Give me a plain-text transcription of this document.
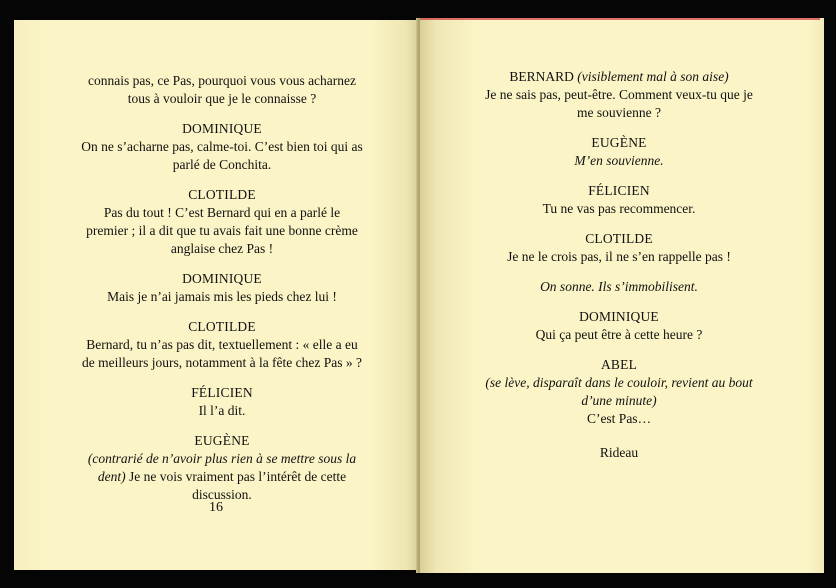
connais pas, ce Pas, pourquoi vous vous acharnez
tous à vouloir que je le connaisse ?
DOMINIQUE
On ne s’acharne pas, calme-toi. C’est bien toi qui as
parlé de Conchita.
CLOTILDE
Pas du tout ! C’est Bernard qui en a parlé le
premier ; il a dit que tu avais fait une bonne crème
anglaise chez Pas !
DOMINIQUE
Mais je n’ai jamais mis les pieds chez lui !
CLOTILDE
Bernard, tu n’as pas dit, textuellement : « elle a eu
de meilleurs jours, notamment à la fête chez Pas » ?
FÉLICIEN
Il l’a dit.
EUGÈNE
(contrarié de n’avoir plus rien à se mettre sous la
dent) Je ne vois vraiment pas l’intérêt de cette
discussion.
16
BERNARD (visiblement mal à son aise)
Je ne sais pas, peut-être. Comment veux-tu que je
me souvienne ?
EUGÈNE
M’en souvienne.
FÉLICIEN
Tu ne vas pas recommencer.
CLOTILDE
Je ne le crois pas, il ne s’en rappelle pas !
On sonne. Ils s’immobilisent.
DOMINIQUE
Qui ça peut être à cette heure ?
ABEL
(se lève, disparaît dans le couloir, revient au bout
d’une minute)
C’est Pas…
Rideau
